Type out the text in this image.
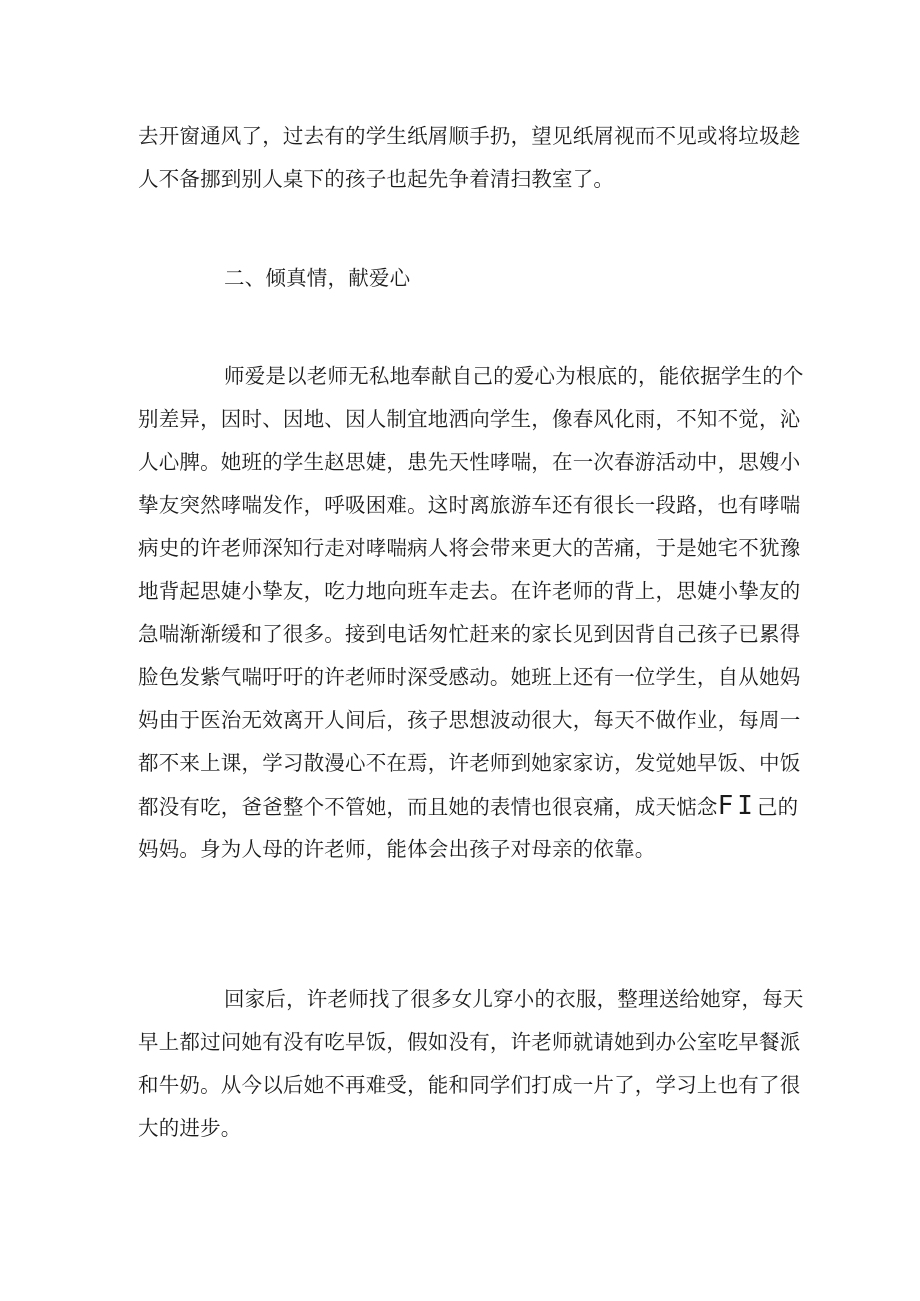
去开窗通风了，过去有的学生纸屑顺手扔，望见纸屑视而不见或将垃圾趁
人不备挪到别人桌下的孩子也起先争着清扫教室了。
二、倾真情，献爱心
师爱是以老师无私地奉献自己的爱心为根底的，能依据学生的个
别差异，因时、因地、因人制宜地洒向学生，像春风化雨，不知不觉，沁
人心脾。她班的学生赵思婕，患先天性哮喘，在一次春游活动中，思嫂小
挚友突然哮喘发作，呼吸困难。这时离旅游车还有很长一段路，也有哮喘
病史的许老师深知行走对哮喘病人将会带来更大的苦痛，于是她宅不犹豫
地背起思婕小挚友，吃力地向班车走去。在许老师的背上，思婕小挚友的
急喘渐渐缓和了很多。接到电话匆忙赶来的家长见到因背自己孩子已累得
脸色发紫气喘吁吁的许老师时深受感动。她班上还有一位学生，自从她妈
妈由于医治无效离开人间后，孩子思想波动很大，每天不做作业，每周一
都不来上课，学习散漫心不在焉，许老师到她家家访，发觉她早饭、中饭
都没有吃，爸爸整个不管她，而且她的表情也很哀痛，成天惦念FI己的
妈妈。身为人母的许老师，能体会出孩子对母亲的依靠。
回家后，许老师找了很多女儿穿小的衣服，整理送给她穿，每天
早上都过问她有没有吃早饭，假如没有，许老师就请她到办公室吃早餐派
和牛奶。从今以后她不再难受，能和同学们打成一片了，学习上也有了很
大的进步。
